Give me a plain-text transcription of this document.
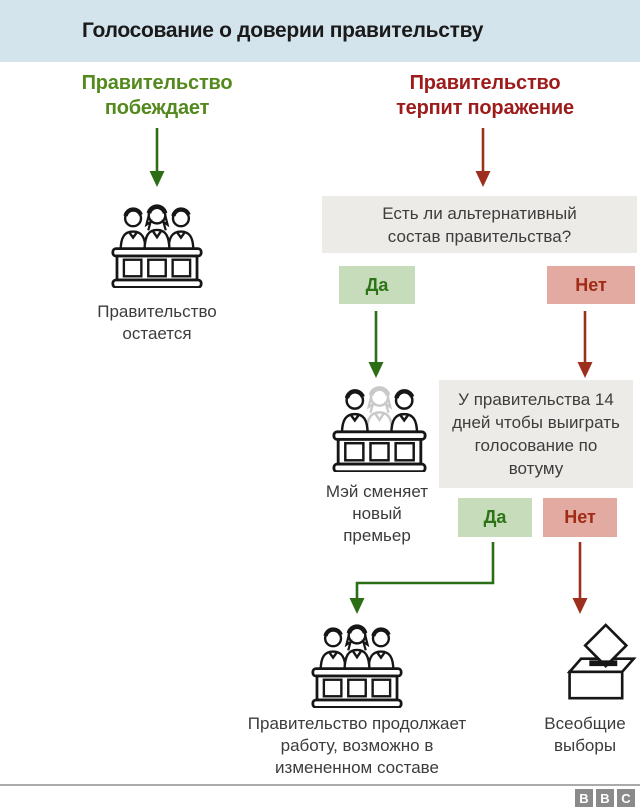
Голосование о доверии правительству
Правительство побеждает
Правительство терпит поражение
Правительство остается
Есть ли альтернативный состав правительства?
Да	Нет
Мэй сменяет новый премьер
У правительства 14 дней чтобы выиграть голосование по вотуму
Да	Нет
Правительство продолжает работу, возможно в измененном составе
Всеобщие выборы
B B C
